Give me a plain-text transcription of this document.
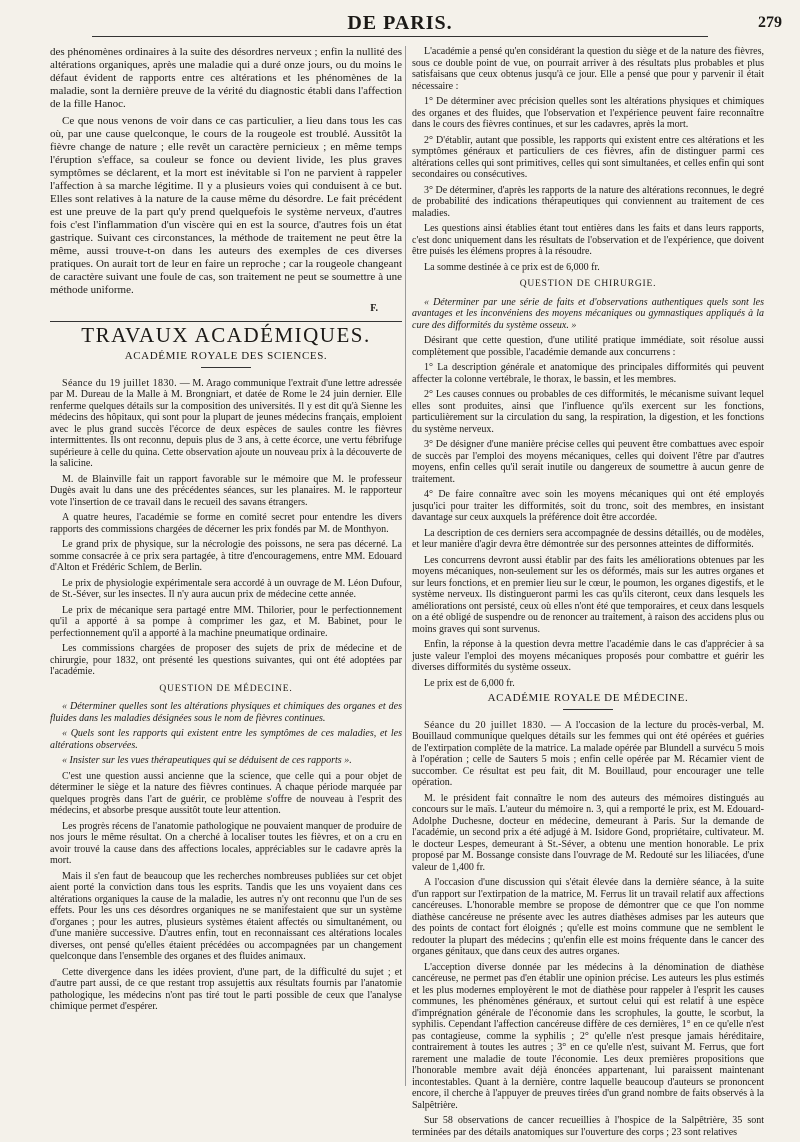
DE PARIS.	279

des phénomènes ordinaires à la suite des désordres nerveux ; enfin la nullité des altérations organiques, après une maladie qui a duré onze jours, ou du moins le défaut évident de rapports entre ces altérations et les phénomènes de la maladie, sont la dernière preuve de la vérité du diagnostic établi dans l'affection de la fille Hanoc.

Ce que nous venons de voir dans ce cas particulier, a lieu dans tous les cas où, par une cause quelconque, le cours de la rougeole est troublé. Aussitôt la fièvre change de nature ; elle revêt un caractère pernicieux ; en même temps l'éruption s'efface, sa couleur se fonce ou devient livide, les plus graves symptômes se déclarent, et la mort est inévitable si l'on ne parvient à rappeler l'affection à sa marche légitime. Il y a plusieurs voies qui conduisent à ce but. Elles sont relatives à la nature de la cause même du désordre. Le fait précédent est une preuve de la part qu'y prend quelquefois le système nerveux, d'autres fois c'est l'inflammation d'un viscère qui en est la source, d'autres fois un état gastrique. Suivant ces circonstances, la méthode de traitement ne peut être la même, aussi trouve-t-on dans les auteurs des exemples de ces diverses pratiques. On aurait tort de leur en faire un reproche ; car la rougeole changeant de caractère suivant une foule de cas, son traitement ne peut se soumettre à une méthode uniforme.

F.
TRAVAUX ACADÉMIQUES.
ACADÉMIE ROYALE DES SCIENCES.

Séance du 19 juillet 1830. — M. Arago communique l'extrait d'une lettre adressée par M. Dureau de la Malle à M. Brongniart, et datée de Rome le 24 juin dernier. Elle renferme quelques détails sur la composition des universités. Il y est dit qu'à Sienne les médecins des hôpitaux, qui sont pour la plupart de jeunes médecins français, emploient avec le plus grand succès l'écorce de deux espèces de saules contre les fièvres intermittentes. Ils ont reconnu, depuis plus de 3 ans, à cette écorce, une vertu fébrifuge supérieure à celle du quina. Cette observation ajoute un nouveau prix à la découverte de la salicine.

M. de Blainville fait un rapport favorable sur le mémoire que M. le professeur Dugès avait lu dans une des précédentes séances, sur les planaires. M. le rapporteur vote l'insertion de ce travail dans le recueil des savans étrangers.

A quatre heures, l'académie se forme en comité secret pour entendre les divers rapports des commissions chargées de décerner les prix fondés par M. de Monthyon.

Le grand prix de physique, sur la nécrologie des poissons, ne sera pas décerné. La somme consacrée à ce prix sera partagée, à titre d'encouragemens, entre MM. Edouard d'Alton et Frédéric Schlem, de Berlin.

Le prix de physiologie expérimentale sera accordé à un ouvrage de M. Léon Dufour, de St.-Séver, sur les insectes. Il n'y aura aucun prix de médecine cette année.

Le prix de mécanique sera partagé entre MM. Thilorier, pour le perfectionnement qu'il a apporté à sa pompe à comprimer les gaz, et M. Babinet, pour le perfectionnement qu'il a apporté à la machine pneumatique ordinaire.

Les commissions chargées de proposer des sujets de prix de médecine et de chirurgie, pour 1832, ont présenté les questions suivantes, qui ont été adoptées par l'académie.

QUESTION DE MÉDECINE.

« Déterminer quelles sont les altérations physiques et chimiques des organes et des fluides dans les maladies désignées sous le nom de fièvres continues.

« Quels sont les rapports qui existent entre les symptômes de ces maladies, et les altérations observées.

« Insister sur les vues thérapeutiques qui se déduisent de ces rapports ».

C'est une question aussi ancienne que la science, que celle qui a pour objet de déterminer le siège et la nature des fièvres continues. A chaque période marquée par quelques progrès dans l'art de guérir, ce problème s'offre de nouveau à l'esprit des médecins, et absorbe presque aussitôt toute leur attention.

Les progrès récens de l'anatomie pathologique ne pouvaient manquer de produire de nos jours le même résultat. On a cherché à localiser toutes les fièvres, et on a cru en avoir trouvé la cause dans des affections locales, appréciables sur le cadavre après la mort.

Mais il s'en faut de beaucoup que les recherches nombreuses publiées sur cet objet aient porté la conviction dans tous les esprits. Tandis que les uns voyaient dans ces altérations organiques la cause de la maladie, les autres n'y ont reconnu que l'un de ses effets. Pour les uns ces désordres organiques ne se manifestaient que sur un système d'organes ; pour les autres, plusieurs systèmes étaient affectés ou simultanément, ou d'une manière successive. D'autres enfin, tout en reconnaissant ces altérations locales diverses, ont pensé qu'elles étaient précédées ou accompagnées par un changement quelconque dans l'ensemble des organes et des fluides animaux.

Cette divergence dans les idées provient, d'une part, de la difficulté du sujet ; et d'autre part aussi, de ce que restant trop assujettis aux résultats fournis par l'anatomie pathologique, les médecins n'ont pas tiré tout le parti possible de ceux que l'analyse chimique permet d'espérer.

L'académie a pensé qu'en considérant la question du siège et de la nature des fièvres, sous ce double point de vue, on pourrait arriver à des résultats plus probables et plus satisfaisans que ceux obtenus jusqu'à ce jour. Elle a pensé que pour y parvenir il était nécessaire :

1° De déterminer avec précision quelles sont les altérations physiques et chimiques des organes et des fluides, que l'observation et l'expérience peuvent faire reconnaître dans le cours des fièvres continues, et sur les cadavres, après la mort.

2° D'établir, autant que possible, les rapports qui existent entre ces altérations et les symptômes généraux et particuliers de ces fièvres, afin de distinguer parmi ces altérations celles qui sont primitives, celles qui sont simultanées, et celles enfin qui sont secondaires ou consécutives.

3° De déterminer, d'après les rapports de la nature des altérations reconnues, le degré de probabilité des indications thérapeutiques qui conviennent au traitement de ces maladies.

Les questions ainsi établies étant tout entières dans les faits et dans leurs rapports, c'est donc uniquement dans les résultats de l'observation et de l'expérience, que doivent être puisés les élémens propres à la résoudre.

La somme destinée à ce prix est de 6,000 fr.

QUESTION DE CHIRURGIE.

« Déterminer par une série de faits et d'observations authentiques quels sont les avantages et les inconvéniens des moyens mécaniques ou gymnastiques appliqués à la cure des difformités du système osseux. »

Désirant que cette question, d'une utilité pratique immédiate, soit résolue aussi complètement que possible, l'académie demande aux concurrens :

1° La description générale et anatomique des principales difformités qui peuvent affecter la colonne vertébrale, le thorax, le bassin, et les membres.

2° Les causes connues ou probables de ces difformités, le mécanisme suivant lequel elles sont produites, ainsi que l'influence qu'ils exercent sur les fonctions, particulièrement sur la circulation du sang, la respiration, la digestion, et les fonctions du système nerveux.

3° De désigner d'une manière précise celles qui peuvent être combattues avec espoir de succès par l'emploi des moyens mécaniques, celles qui doivent l'être par d'autres moyens, enfin celles qu'il serait inutile ou dangereux de soumettre à aucun genre de traitement.

4° De faire connaître avec soin les moyens mécaniques qui ont été employés jusqu'ici pour traiter les difformités, soit du tronc, soit des membres, en insistant davantage sur ceux auxquels la préférence doit être accordée.

La description de ces derniers sera accompagnée de dessins détaillés, ou de modèles, et leur manière d'agir devra être démontrée sur des personnes atteintes de difformités.

Les concurrens devront aussi établir par des faits les améliorations obtenues par les moyens mécaniques, non-seulement sur les os déformés, mais sur les autres organes et sur leurs fonctions, et en premier lieu sur le cœur, le poumon, les organes digestifs, et le système nerveux. Ils distingueront parmi les cas qu'ils citeront, ceux dans lesquels les améliorations ont persisté, ceux où elles n'ont été que temporaires, et ceux dans lesquels on a été obligé de suspendre ou de renoncer au traitement, à raison des accidens plus ou moins graves qui sont survenus.

Enfin, la réponse à la question devra mettre l'académie dans le cas d'apprécier à sa juste valeur l'emploi des moyens mécaniques proposés pour combattre et guérir les diverses difformités du système osseux.

Le prix est de 6,000 fr.

ACADÉMIE ROYALE DE MÉDECINE.

Séance du 20 juillet 1830. — A l'occasion de la lecture du procès-verbal, M. Bouillaud communique quelques détails sur les femmes qui ont été opérées et guéries de l'extirpation complète de la matrice. La malade opérée par Blundell a survécu 5 mois à l'opération ; celle de Sauters 5 mois ; enfin celle opérée par M. Récamier vient de succomber. Ce résultat est peu fait, dit M. Bouillaud, pour encourager une telle opération.

M. le président fait connaître le nom des auteurs des mémoires distingués au concours sur le maïs. L'auteur du mémoire n. 3, qui a remporté le prix, est M. Edouard-Adolphe Duchesne, docteur en médecine, demeurant à Paris. Sur la demande de l'académie, un second prix a été adjugé à M. Isidore Gond, propriétaire, cultivateur. M. le docteur Lespes, demeurant à St.-Séver, a obtenu une mention honorable. Le prix proposé par M. Bossange consiste dans l'ouvrage de M. Redouté sur les liliacées, d'une valeur de 1,400 fr.

A l'occasion d'une discussion qui s'était élevée dans la dernière séance, à la suite d'un rapport sur l'extirpation de la matrice, M. Ferrus lit un travail relatif aux affections cancéreuses. L'honorable membre se propose de démontrer que ce que l'on nomme diathèse cancéreuse ne présente avec les autres diathèses admises par les auteurs que des points de contact fort éloignés ; qu'elle est moins commune que ne semblent le redouter la plupart des médecins ; qu'enfin elle est moins fréquente dans le cancer des organes génitaux, que dans ceux des autres organes.

L'acception diverse donnée par les médecins à la dénomination de diathèse cancéreuse, ne permet pas d'en établir une opinion précise. Les auteurs les plus estimés et les plus modernes employèrent le mot de diathèse pour rappeler à l'esprit les causes communes, les phénomènes généraux, et surtout celui qui est relatif à une espèce d'imprégnation générale de l'économie dans les scrophules, la goutte, le scorbut, la syphilis. Cependant l'affection cancéreuse diffère de ces dernières, 1° en ce qu'elle n'est pas contagieuse, comme la syphilis ; 2° qu'elle n'est presque jamais héréditaire, contrairement à toutes les autres ; 3° en ce qu'elle n'est, suivant M. Ferrus, que fort rarement une maladie de toute l'économie. Les deux premières propositions que l'honorable membre avait déjà énoncées appartenant, lui paraissent maintenant incontestables. Quant à la dernière, contre laquelle beaucoup d'auteurs se prononcent encore, il cherche à l'appuyer de preuves tirées d'un grand nombre de faits observés à la Salpêtrière.

Sur 58 observations de cancer recueillies à l'hospice de la Salpêtrière, 35 sont terminées par des détails anatomiques sur l'ouverture des corps ; 23 sont relatives
